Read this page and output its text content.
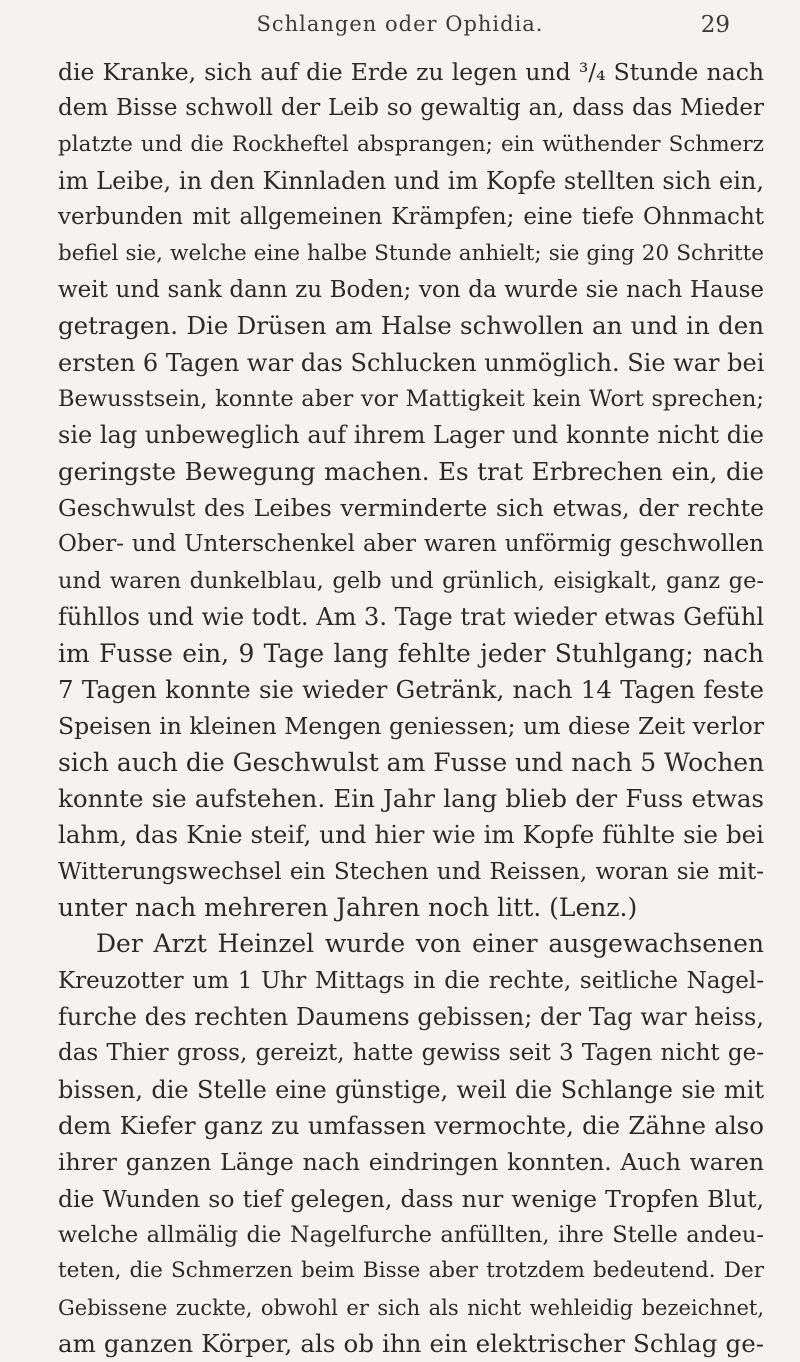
Schlangen oder Ophidia.	29
die Kranke, sich auf die Erde zu legen und ³/₄ Stunde nach
dem Bisse schwoll der Leib so gewaltig an, dass das Mieder
platzte und die Rockheftel absprangen; ein wüthender Schmerz
im Leibe, in den Kinnladen und im Kopfe stellten sich ein,
verbunden mit allgemeinen Krämpfen; eine tiefe Ohnmacht
befiel sie, welche eine halbe Stunde anhielt; sie ging 20 Schritte
weit und sank dann zu Boden; von da wurde sie nach Hause
getragen. Die Drüsen am Halse schwollen an und in den
ersten 6 Tagen war das Schlucken unmöglich. Sie war bei
Bewusstsein, konnte aber vor Mattigkeit kein Wort sprechen;
sie lag unbeweglich auf ihrem Lager und konnte nicht die
geringste Bewegung machen. Es trat Erbrechen ein, die
Geschwulst des Leibes verminderte sich etwas, der rechte
Ober- und Unterschenkel aber waren unförmig geschwollen
und waren dunkelblau, gelb und grünlich, eisigkalt, ganz ge-
fühllos und wie todt. Am 3. Tage trat wieder etwas Gefühl
im Fusse ein, 9 Tage lang fehlte jeder Stuhlgang; nach
7 Tagen konnte sie wieder Getränk, nach 14 Tagen feste
Speisen in kleinen Mengen geniessen; um diese Zeit verlor
sich auch die Geschwulst am Fusse und nach 5 Wochen
konnte sie aufstehen. Ein Jahr lang blieb der Fuss etwas
lahm, das Knie steif, und hier wie im Kopfe fühlte sie bei
Witterungswechsel ein Stechen und Reissen, woran sie mit-
unter nach mehreren Jahren noch litt. (Lenz.)
Der Arzt Heinzel wurde von einer ausgewachsenen
Kreuzotter um 1 Uhr Mittags in die rechte, seitliche Nagel-
furche des rechten Daumens gebissen; der Tag war heiss,
das Thier gross, gereizt, hatte gewiss seit 3 Tagen nicht ge-
bissen, die Stelle eine günstige, weil die Schlange sie mit
dem Kiefer ganz zu umfassen vermochte, die Zähne also
ihrer ganzen Länge nach eindringen konnten. Auch waren
die Wunden so tief gelegen, dass nur wenige Tropfen Blut,
welche allmälig die Nagelfurche anfüllten, ihre Stelle andeu-
teten, die Schmerzen beim Bisse aber trotzdem bedeutend. Der
Gebissene zuckte, obwohl er sich als nicht wehleidig bezeichnet,
am ganzen Körper, als ob ihn ein elektrischer Schlag ge-
